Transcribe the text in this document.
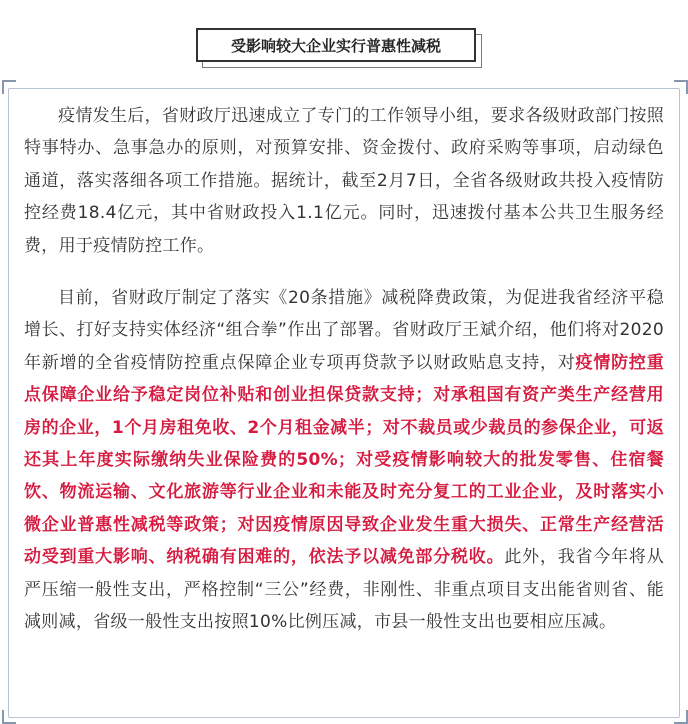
受影响较大企业实行普惠性减税

疫情发生后，省财政厅迅速成立了专门的工作领导小组，要求各级财政部门按照特事特办、急事急办的原则，对预算安排、资金拨付、政府采购等事项，启动绿色通道，落实落细各项工作措施。据统计，截至2月7日，全省各级财政共投入疫情防控经费18.4亿元，其中省财政投入1.1亿元。同时，迅速拨付基本公共卫生服务经费，用于疫情防控工作。

目前，省财政厅制定了落实《20条措施》减税降费政策，为促进我省经济平稳增长、打好支持实体经济“组合拳”作出了部署。省财政厅王斌介绍，他们将对2020年新增的全省疫情防控重点保障企业专项再贷款予以财政贴息支持，对疫情防控重点保障企业给予稳定岗位补贴和创业担保贷款支持；对承租国有资产类生产经营用房的企业，1个月房租免收、2个月租金减半；对不裁员或少裁员的参保企业，可返还其上年度实际缴纳失业保险费的50%；对受疫情影响较大的批发零售、住宿餐饮、物流运输、文化旅游等行业企业和未能及时充分复工的工业企业，及时落实小微企业普惠性减税等政策；对因疫情原因导致企业发生重大损失、正常生产经营活动受到重大影响、纳税确有困难的，依法予以减免部分税收。此外，我省今年将从严压缩一般性支出，严格控制“三公”经费，非刚性、非重点项目支出能省则省、能减则减，省级一般性支出按照10%比例压减，市县一般性支出也要相应压减。
